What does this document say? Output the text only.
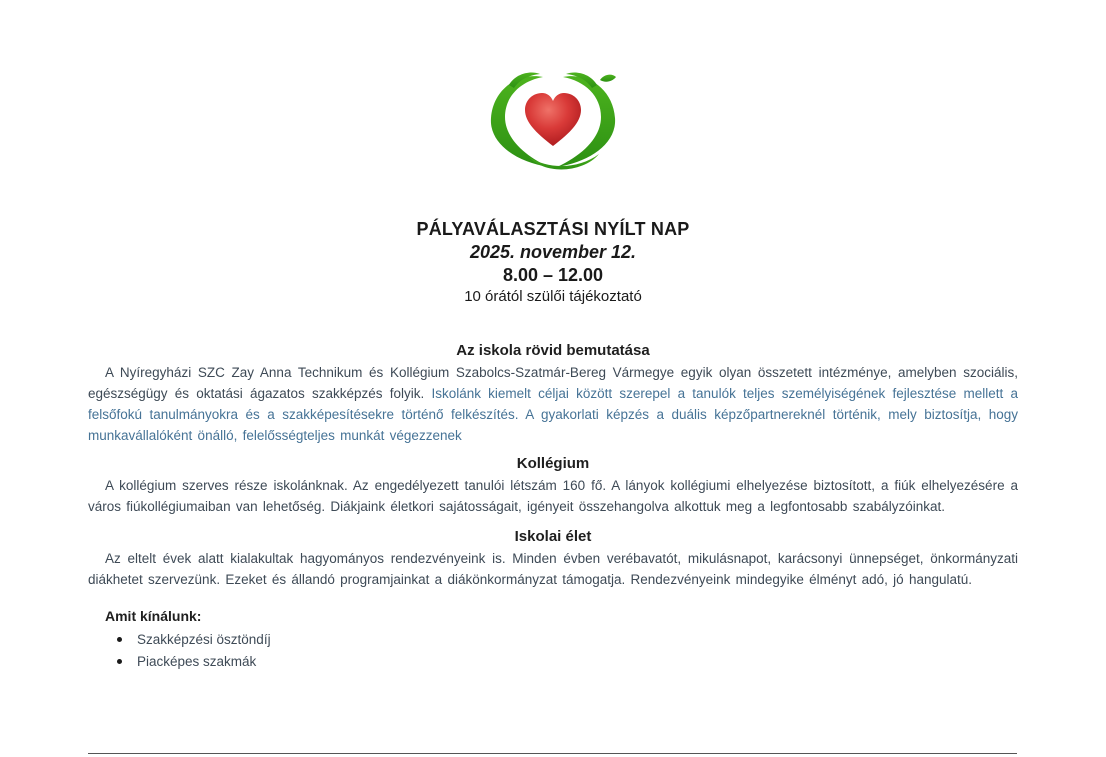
PÁLYAVÁLASZTÁSI NYÍLT NAP
2025. november 12.
8.00 – 12.00
10 órától szülői tájékoztató
Az iskola rövid bemutatása

A Nyíregyházi SZC Zay Anna Technikum és Kollégium Szabolcs-Szatmár-Bereg Vármegye egyik olyan összetett intézménye, amelyben szociális, egészségügy és oktatási ágazatos szakképzés folyik. Iskolánk kiemelt céljai között szerepel a tanulók teljes személyiségének fejlesztése mellett a felsőfokú tanulmányokra és a szakképesítésekre történő felkészítés. A gyakorlati képzés a duális képzőpartnereknél történik, mely biztosítja, hogy munkavállalóként önálló, felelősségteljes munkát végezzenek

Kollégium

A kollégium szerves része iskolánknak. Az engedélyezett tanulói létszám 160 fő. A lányok kollégiumi elhelyezése biztosított, a fiúk elhelyezésére a város fiúkollégiumaiban van lehetőség. Diákjaink életkori sajátosságait, igényeit összehangolva alkottuk meg a legfontosabb szabályzóinkat.

Iskolai élet

Az eltelt évek alatt kialakultak hagyományos rendezvényeink is. Minden évben verébavatót, mikulásnapot, karácsonyi ünnepséget, önkormányzati diákhetet szervezünk. Ezeket és állandó programjainkat a diákönkormányzat támogatja. Rendezvényeink mindegyike élményt adó, jó hangulatú.

Amit kínálunk:
Szakképzési ösztöndíj
Piacképes szakmák
